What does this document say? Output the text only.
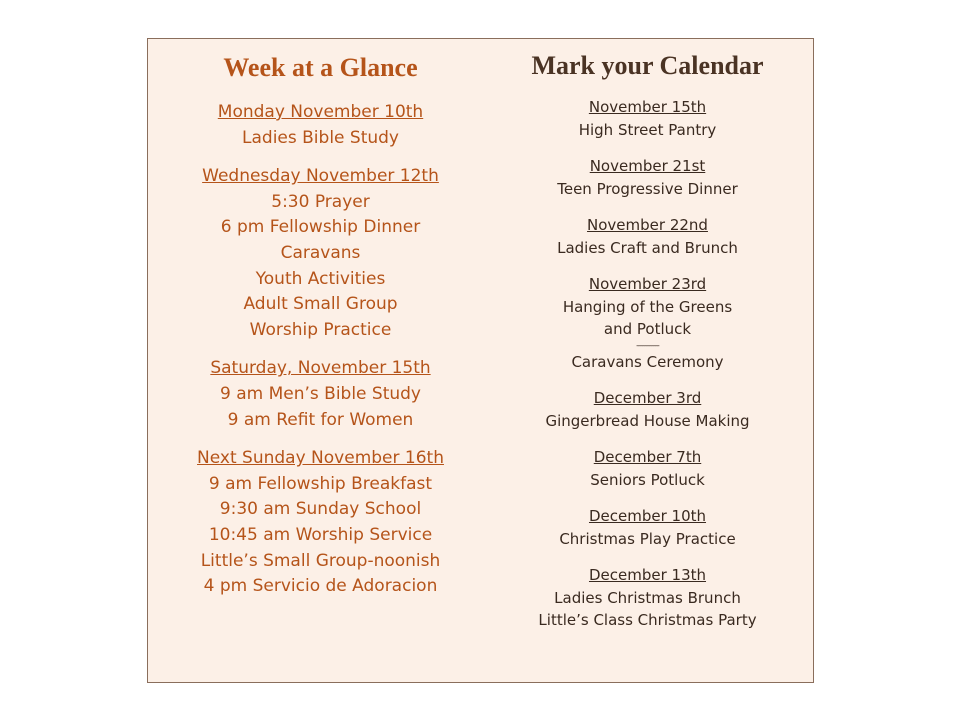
Week at a Glance
Monday November 10th
Ladies Bible Study
Wednesday November 12th
5:30 Prayer
6 pm Fellowship Dinner
Caravans
Youth Activities
Adult Small Group
Worship Practice
Saturday, November 15th
9 am Men’s Bible Study
9 am Refit for Women
Next Sunday November 16th
9 am Fellowship Breakfast
9:30 am Sunday School
10:45 am Worship Service
Little’s Small Group-noonish
4 pm Servicio de Adoracion
Mark your Calendar
November 15th
High Street Pantry
November 21st
Teen Progressive Dinner
November 22nd
Ladies Craft and Brunch
November 23rd
Hanging of the Greens
and Potluck
------------
Caravans Ceremony
December 3rd
Gingerbread House Making
December 7th
Seniors Potluck
December 10th
Christmas Play Practice
December 13th
Ladies Christmas Brunch
Little’s Class Christmas Party
